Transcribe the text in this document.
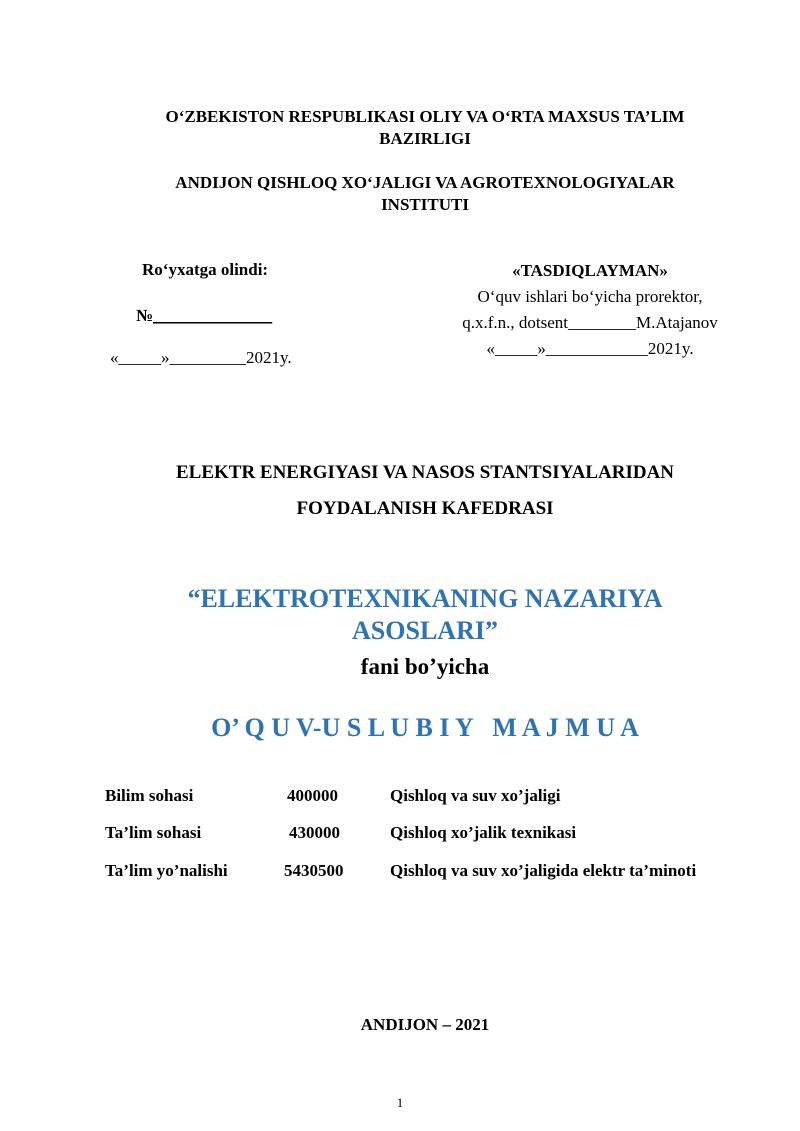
O‘ZBEKISTON RESPUBLIKASI OLIY VA O‘RTA MAXSUS TA’LIM
BAZIRLIGI
ANDIJON QISHLOQ XO‘JALIGI VA AGROTEXNOLOGIYALAR
INSTITUTI
Ro‘yxatga olindi:
№______________
«_____»_________2021y.
«TASDIQLAYMAN»
O‘quv ishlari bo‘yicha prorektor,
q.x.f.n., dotsent________M.Atajanov
«_____»____________2021y.
ELEKTR ENERGIYASI VA NASOS STANTSIYALARIDAN
FOYDALANISH KAFEDRASI
“ELEKTROTEXNIKANING NAZARIYA
ASOSLARI”
fani bo’yicha
O’ Q U V-U S L U B I Y   M A J M U A
Bilim sohasi	400000	Qishloq va suv xo’jaligi
Ta’lim sohasi	430000	Qishloq xo’jalik texnikasi
Ta’lim yo’nalishi	5430500	Qishloq va suv xo’jaligida elektr ta’minoti
ANDIJON – 2021
1
